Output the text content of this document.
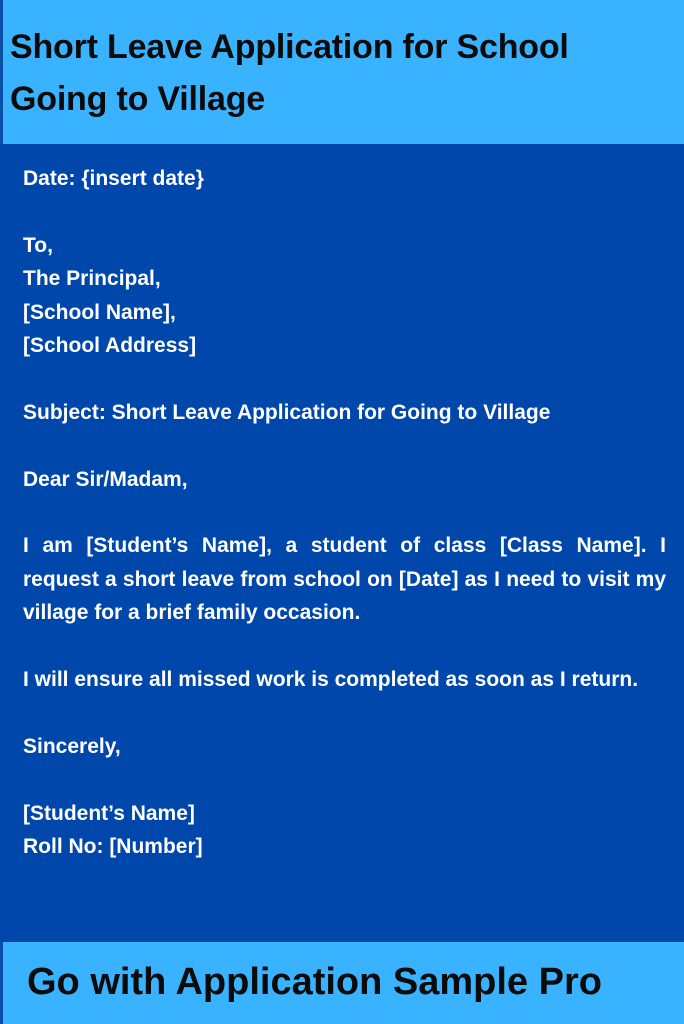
Short Leave Application for School
Going to Village
Date: {insert date}
To,
The Principal,
[School Name],
[School Address]
Subject: Short Leave Application for Going to Village
Dear Sir/Madam,
I am [Student’s Name], a student of class [Class Name]. I request a short leave from school on [Date] as I need to visit my village for a brief family occasion.
I will ensure all missed work is completed as soon as I return.
Sincerely,
[Student’s Name]
Roll No: [Number]
Go with Application Sample Pro
